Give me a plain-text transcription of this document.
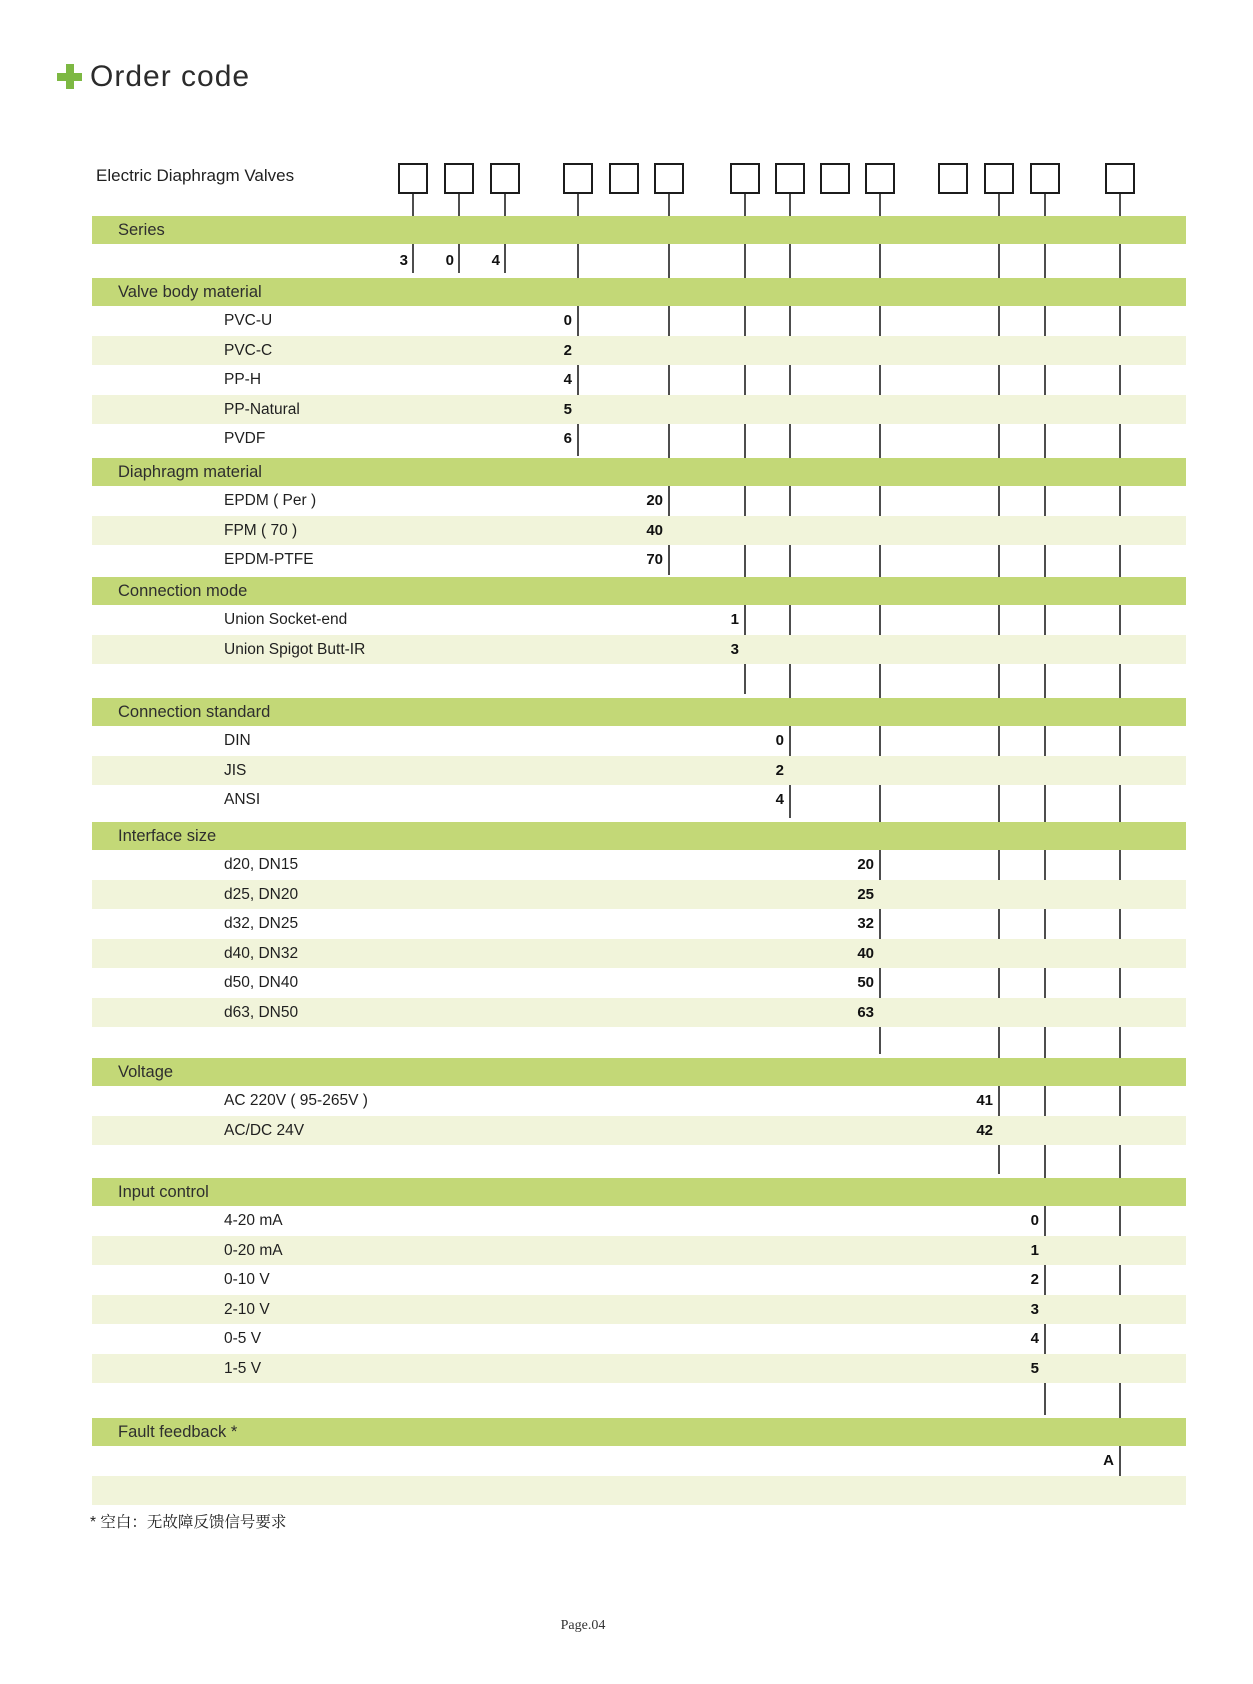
Order code
Electric Diaphragm Valves
3	0	4
Series
Valve body material
PVC-U	0
PVC-C	2
PP-H	4
PP-Natural	5
PVDF	6
Diaphragm material
EPDM ( Per )	20
FPM ( 70 )	40
EPDM-PTFE	70
Connection mode
Union Socket-end	1
Union Spigot Butt-IR	3
Connection standard
DIN	0
JIS	2
ANSI	4
Interface size
d20, DN15	20
d25, DN20	25
d32, DN25	32
d40, DN32	40
d50, DN40	50
d63, DN50	63
Voltage
AC 220V ( 95-265V )	41
AC/DC 24V	42
Input control
4-20 mA	0
0-20 mA	1
0-10 V	2
2-10 V	3
0-5 V	4
1-5 V	5
Fault feedback *
A
* 空白：无故障反馈信号要求
Page.04
